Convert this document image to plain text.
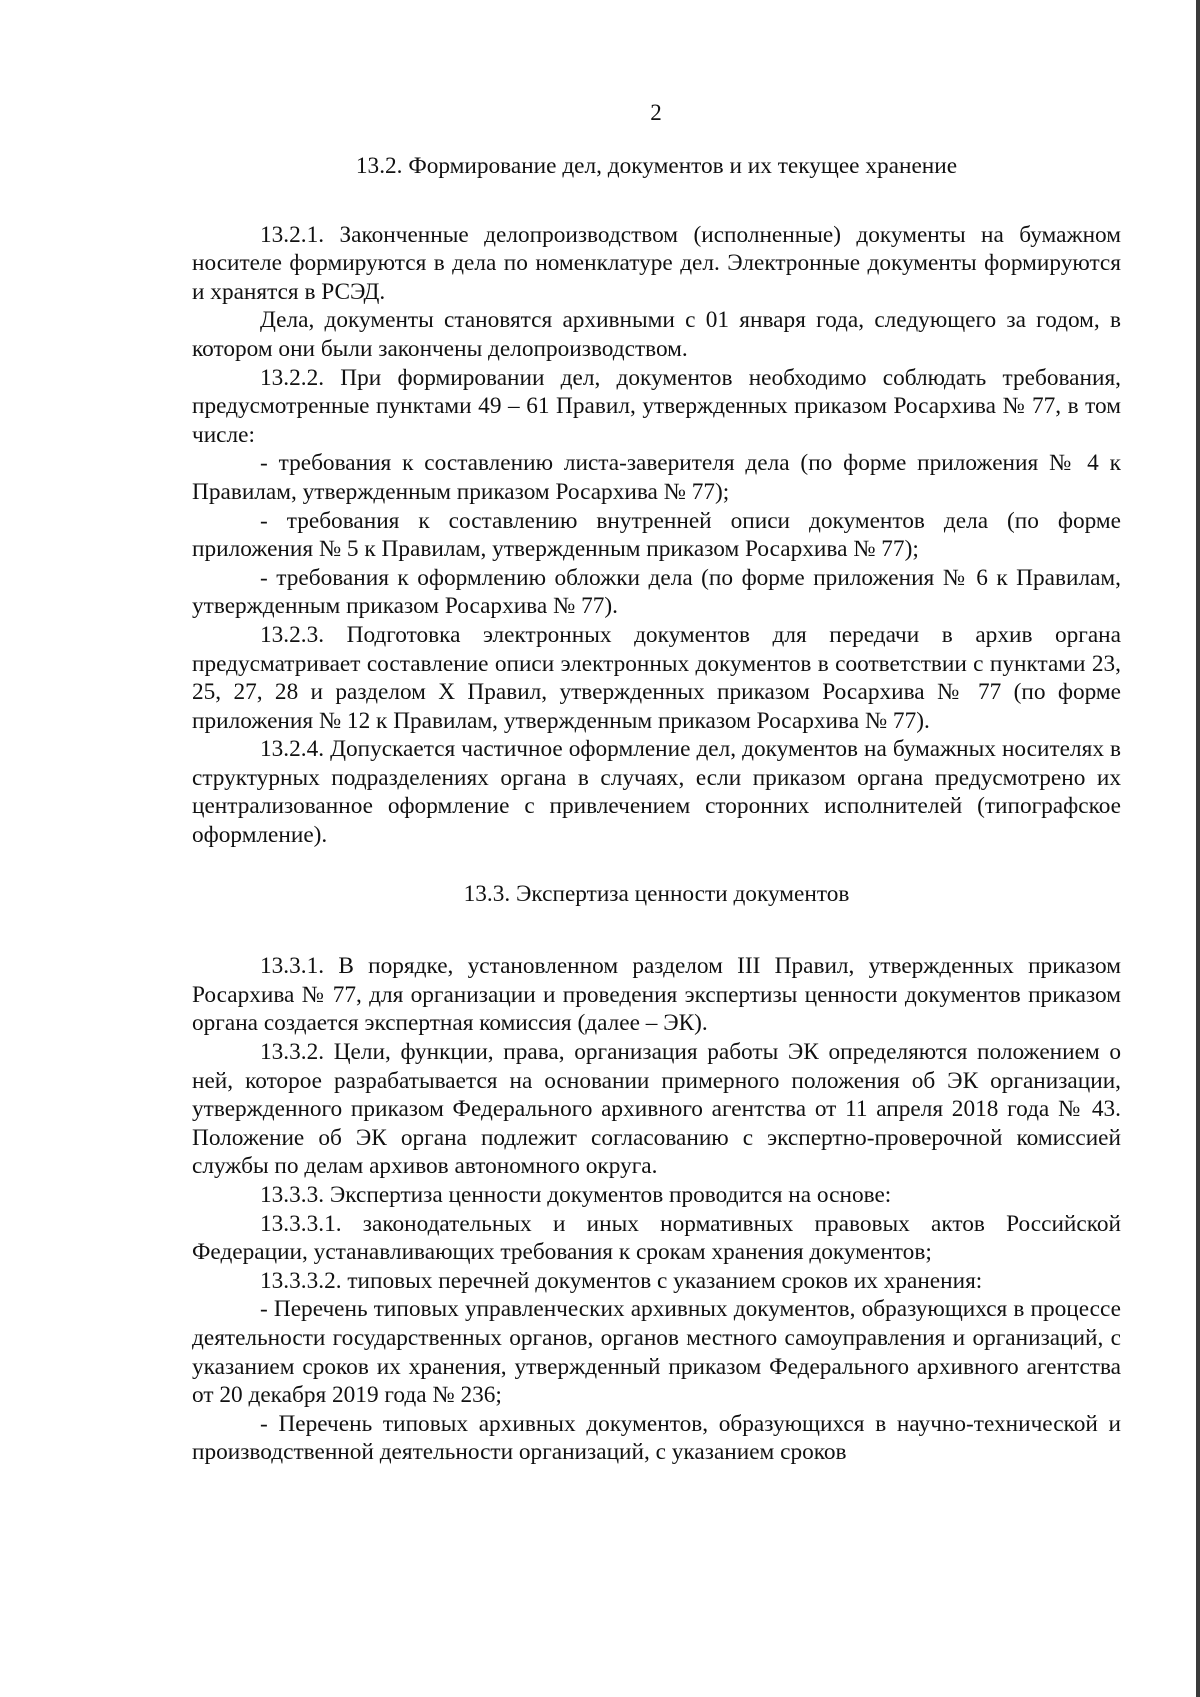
2
13.2. Формирование дел, документов и их текущее хранение

13.2.1. Законченные делопроизводством (исполненные) документы на бумажном носителе формируются в дела по номенклатуре дел. Электронные документы формируются и хранятся в РСЭД.

Дела, документы становятся архивными с 01 января года, следующего за годом, в котором они были закончены делопроизводством.

13.2.2. При формировании дел, документов необходимо соблюдать требования, предусмотренные пунктами 49 – 61 Правил, утвержденных приказом Росархива № 77, в том числе:

- требования к составлению листа-заверителя дела (по форме приложения № 4 к Правилам, утвержденным приказом Росархива № 77);

- требования к составлению внутренней описи документов дела (по форме приложения № 5 к Правилам, утвержденным приказом Росархива № 77);

- требования к оформлению обложки дела (по форме приложения № 6 к Правилам, утвержденным приказом Росархива № 77).

13.2.3. Подготовка электронных документов для передачи в архив органа предусматривает составление описи электронных документов в соответствии с пунктами 23, 25, 27, 28 и разделом X Правил, утвержденных приказом Росархива № 77 (по форме приложения № 12 к Правилам, утвержденным приказом Росархива № 77).

13.2.4. Допускается частичное оформление дел, документов на бумажных носителях в структурных подразделениях органа в случаях, если приказом органа предусмотрено их централизованное оформление с привлечением сторонних исполнителей (типографское оформление).

13.3. Экспертиза ценности документов

13.3.1. В порядке, установленном разделом III Правил, утвержденных приказом Росархива № 77, для организации и проведения экспертизы ценности документов приказом органа создается экспертная комиссия (далее – ЭК).

13.3.2. Цели, функции, права, организация работы ЭК определяются положением о ней, которое разрабатывается на основании примерного положения об ЭК организации, утвержденного приказом Федерального архивного агентства от 11 апреля 2018 года № 43. Положение об ЭК органа подлежит согласованию с экспертно-проверочной комиссией службы по делам архивов автономного округа.

13.3.3. Экспертиза ценности документов проводится на основе:

13.3.3.1. законодательных и иных нормативных правовых актов Российской Федерации, устанавливающих требования к срокам хранения документов;

13.3.3.2. типовых перечней документов с указанием сроков их хранения:

- Перечень типовых управленческих архивных документов, образующихся в процессе деятельности государственных органов, органов местного самоуправления и организаций, с указанием сроков их хранения, утвержденный приказом Федерального архивного агентства от 20 декабря 2019 года № 236;

- Перечень типовых архивных документов, образующихся в научно-технической и производственной деятельности организаций, с указанием сроков
